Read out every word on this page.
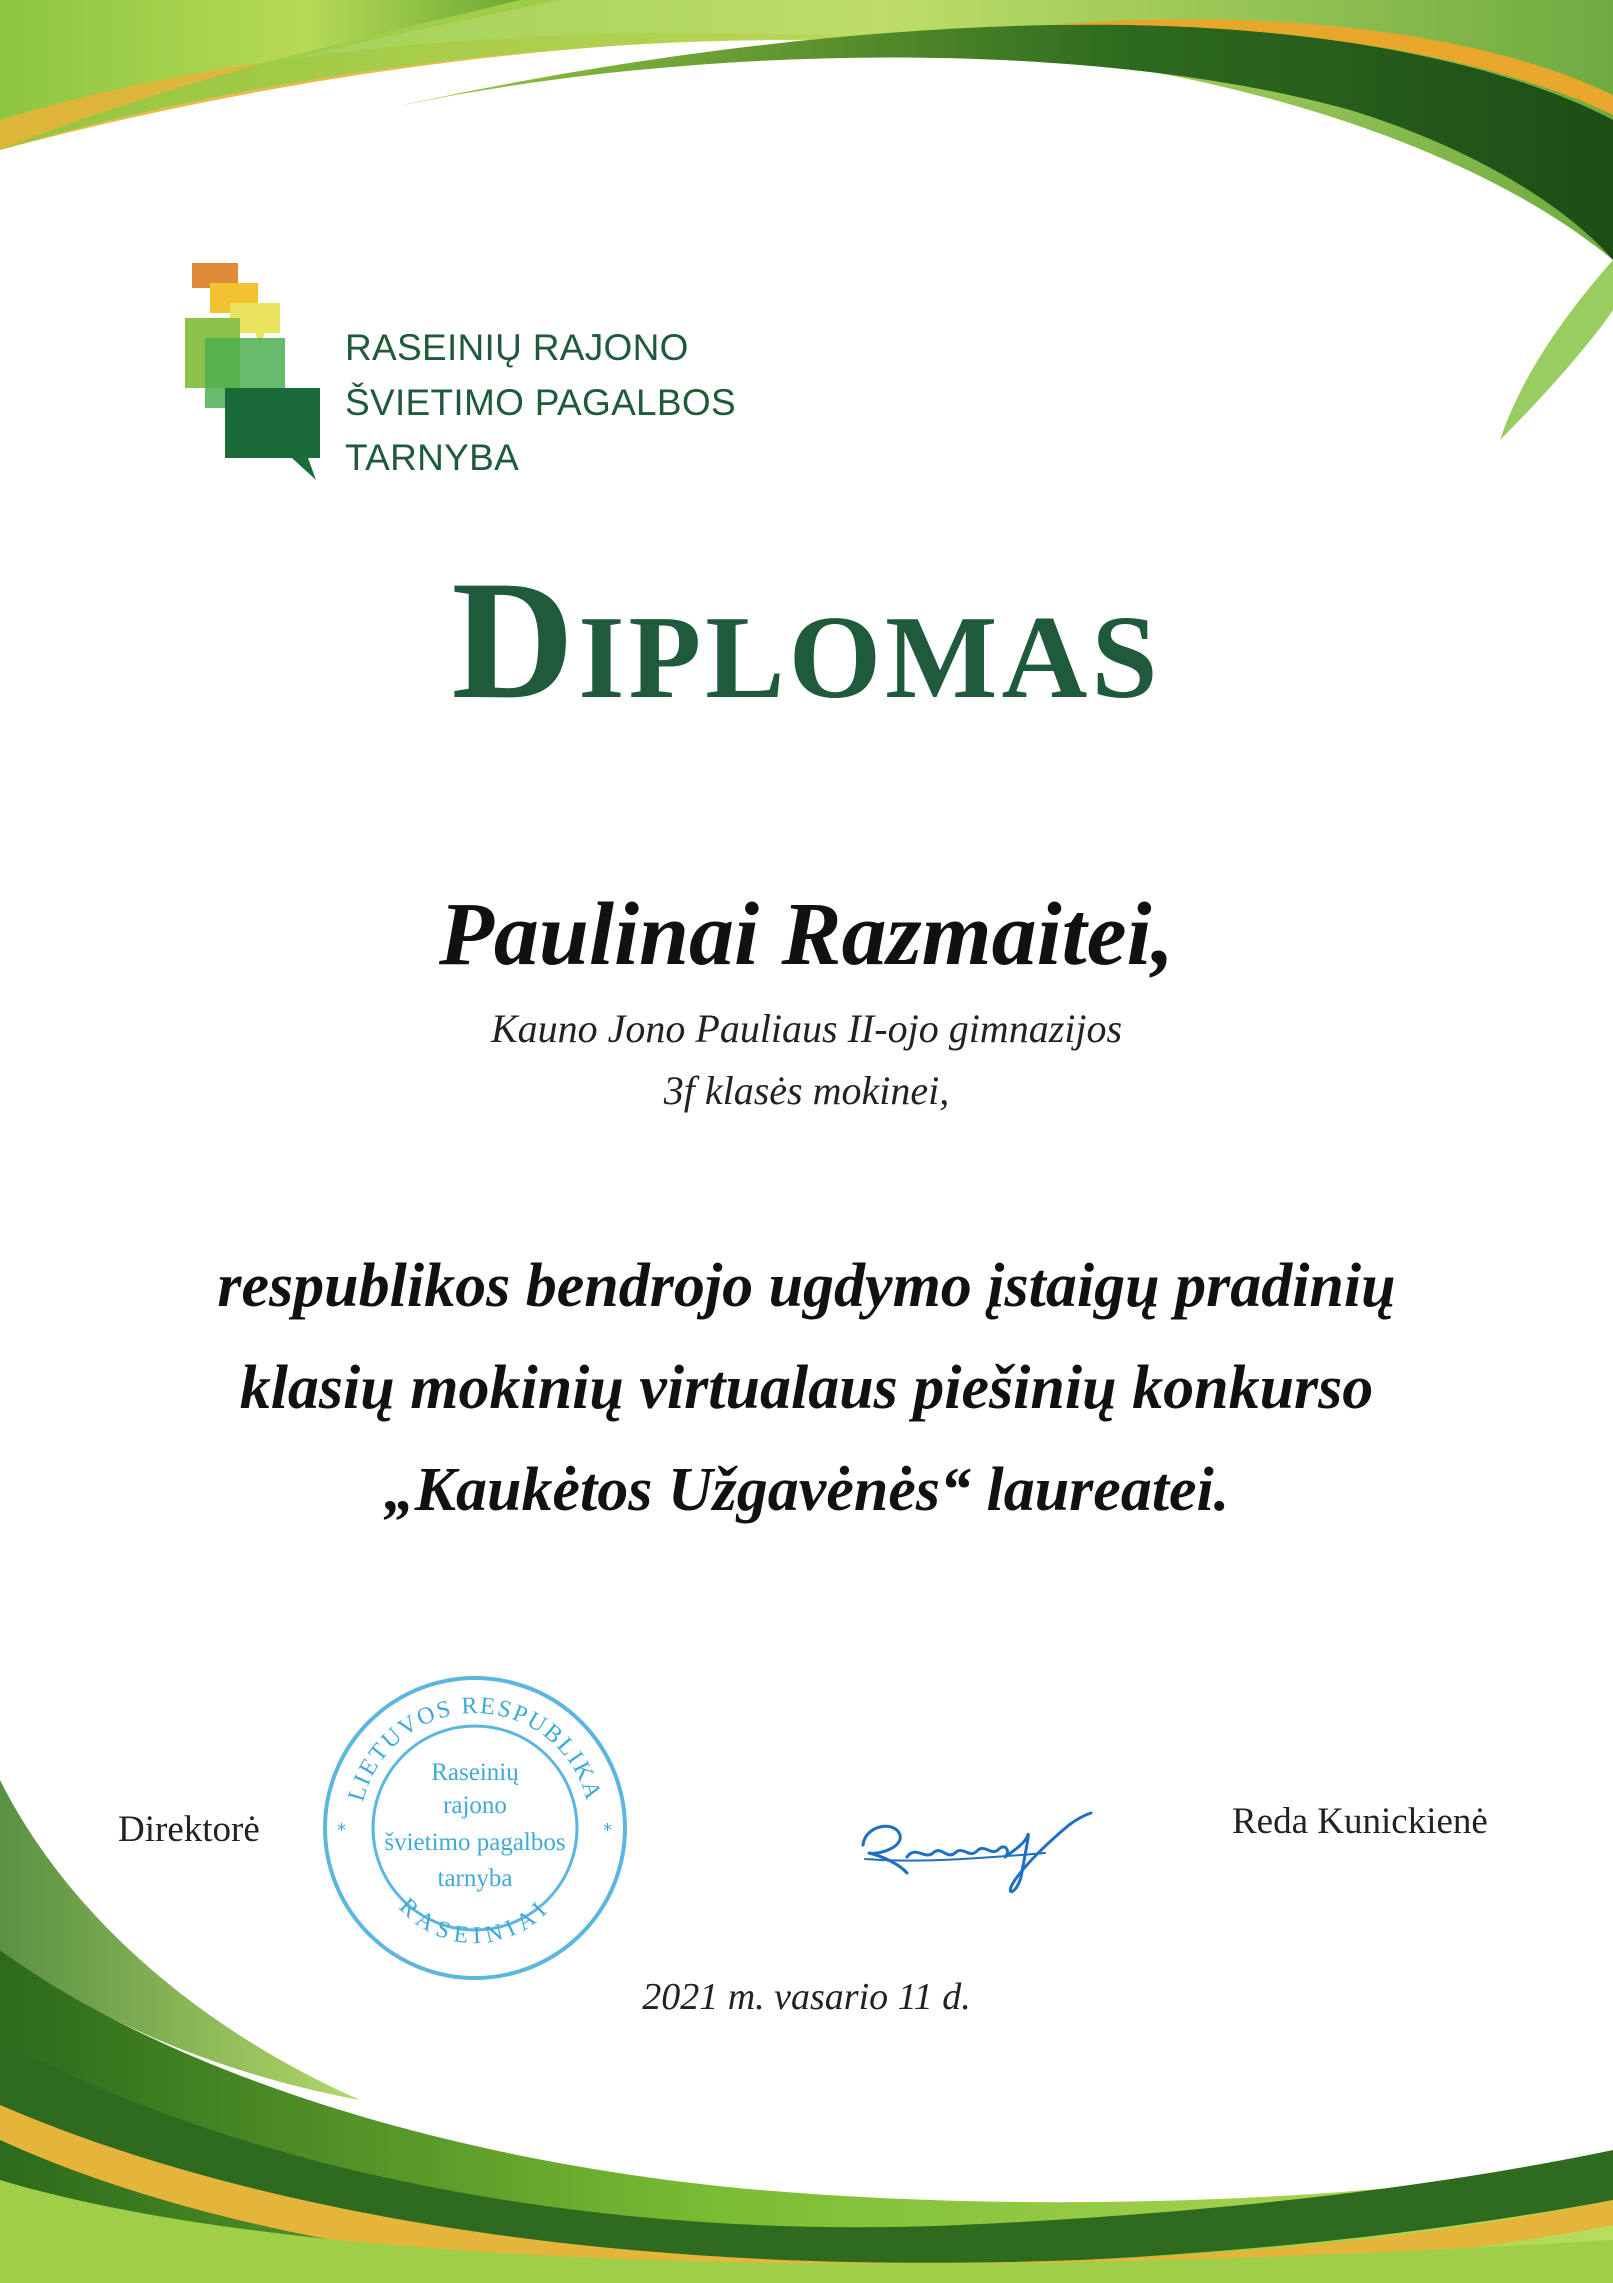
RASEINIŲ RAJONO
ŠVIETIMO PAGALBOS
TARNYBA
Diplomas
Paulinai Razmaitei,
Kauno Jono Pauliaus II-ojo gimnazijos
3f klasės mokinei,
respublikos bendrojo ugdymo įstaigų pradinių
klasių mokinių virtualaus piešinių konkurso
„Kaukėtos Užgavėnės“ laureatei.
Direktorė
LIETUVOS RESPUBLIKA
RASEINIAI
*	*
Raseinių
rajono
švietimo pagalbos
tarnyba
Reda Kunickienė
2021 m. vasario 11 d.
